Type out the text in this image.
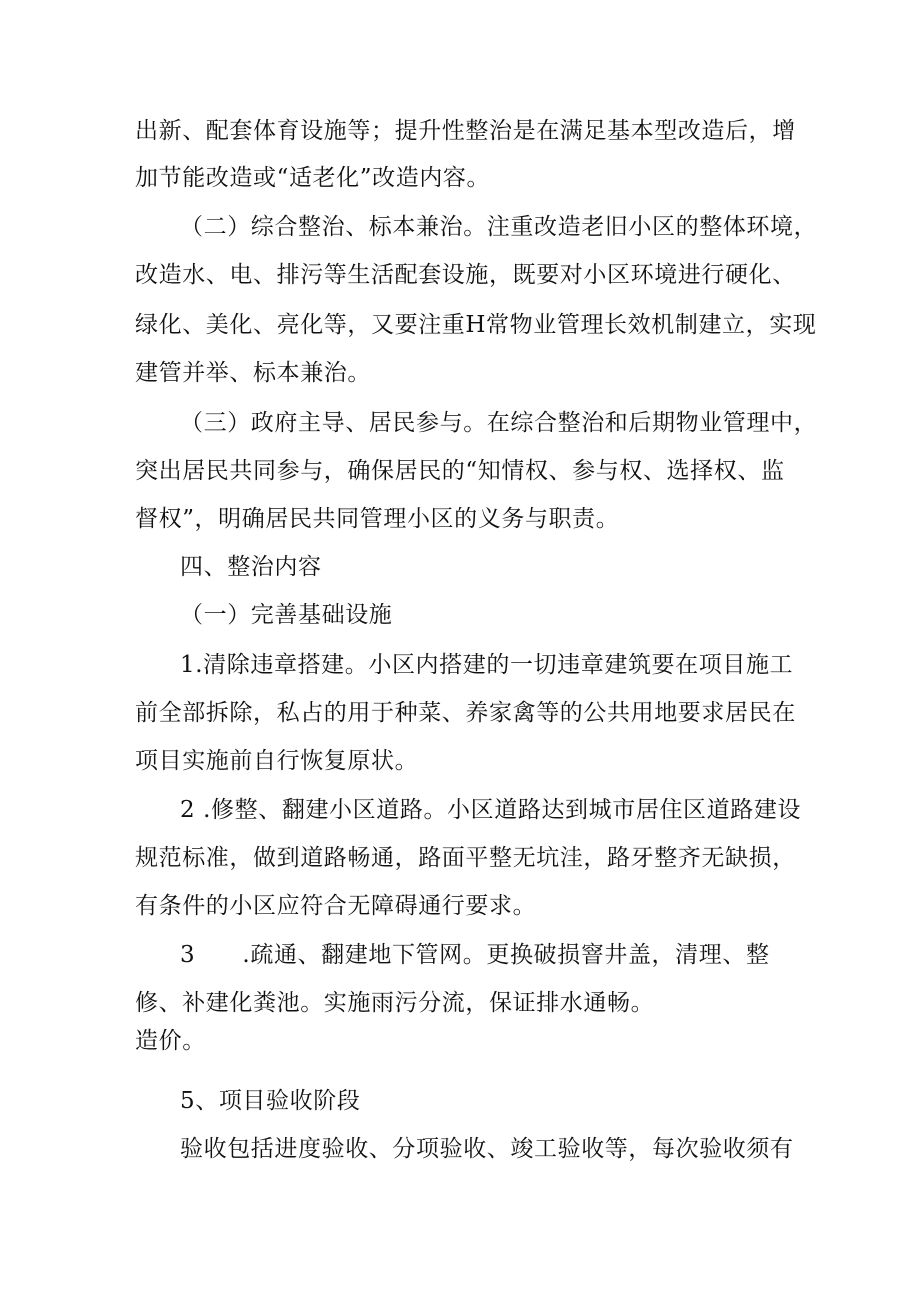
出新、配套体育设施等；提升性整治是在满足基本型改造后，增
加节能改造或“适老化”改造内容。
（二）综合整治、标本兼治。注重改造老旧小区的整体环境，
改造水、电、排污等生活配套设施，既要对小区环境进行硬化、
绿化、美化、亮化等，又要注重H常物业管理长效机制建立，实现
建管并举、标本兼治。
（三）政府主导、居民参与。在综合整治和后期物业管理中，
突出居民共同参与，确保居民的“知情权、参与权、选择权、监
督权”，明确居民共同管理小区的义务与职责。
四、整治内容
（一）完善基础设施
1.清除违章搭建。小区内搭建的一切违章建筑要在项目施工
前全部拆除，私占的用于种菜、养家禽等的公共用地要求居民在
项目实施前自行恢复原状。
2 .修整、翻建小区道路。小区道路达到城市居住区道路建设
规范标准，做到道路畅通，路面平整无坑洼，路牙整齐无缺损，
有条件的小区应符合无障碍通行要求。
3　　.疏通、翻建地下管网。更换破损窨井盖，清理、整
修、补建化粪池。实施雨污分流，保证排水通畅。
造价。
5、项目验收阶段
验收包括进度验收、分项验收、竣工验收等，每次验收须有
